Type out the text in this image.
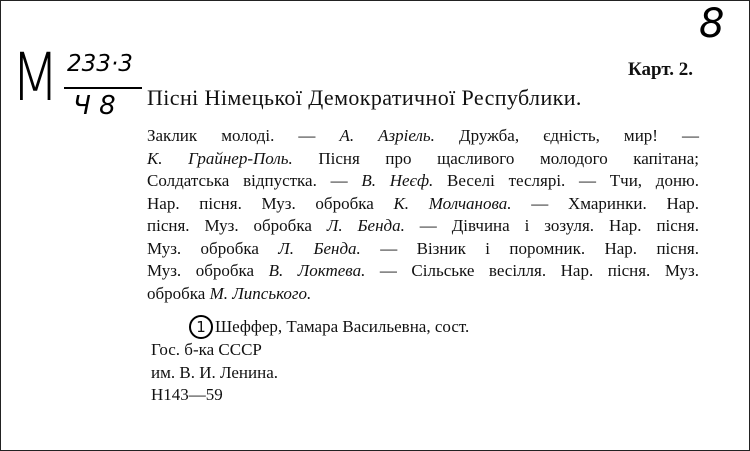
8
М 233·3
Ч 8
Карт. 2.
Пісні Німецької Демократичної Республики.
Заклик молоді. — А. Азріель. Дружба, єдність, мир! —
К. Грайнер-Поль. Пісня про щасливого молодого капітана;
Солдатська відпустка. — В. Неєф. Веселі теслярі. — Тчи, доню.
Нар. пісня. Муз. обробка К. Молчанова. — Хмаринки. Нар.
пісня. Муз. обробка Л. Бенда. — Дівчина і зозуля. Нар. пісня.
Муз. обробка Л. Бенда. — Візник і поромник. Нар. пісня.
Муз. обробка В. Локтева. — Сільське весілля. Нар. пісня. Муз.
обробка М. Липського.
1 Шеффер, Тамара Васильевна, сост.
Гос. б-ка СССР
им. В. И. Ленина.
Н143—59
